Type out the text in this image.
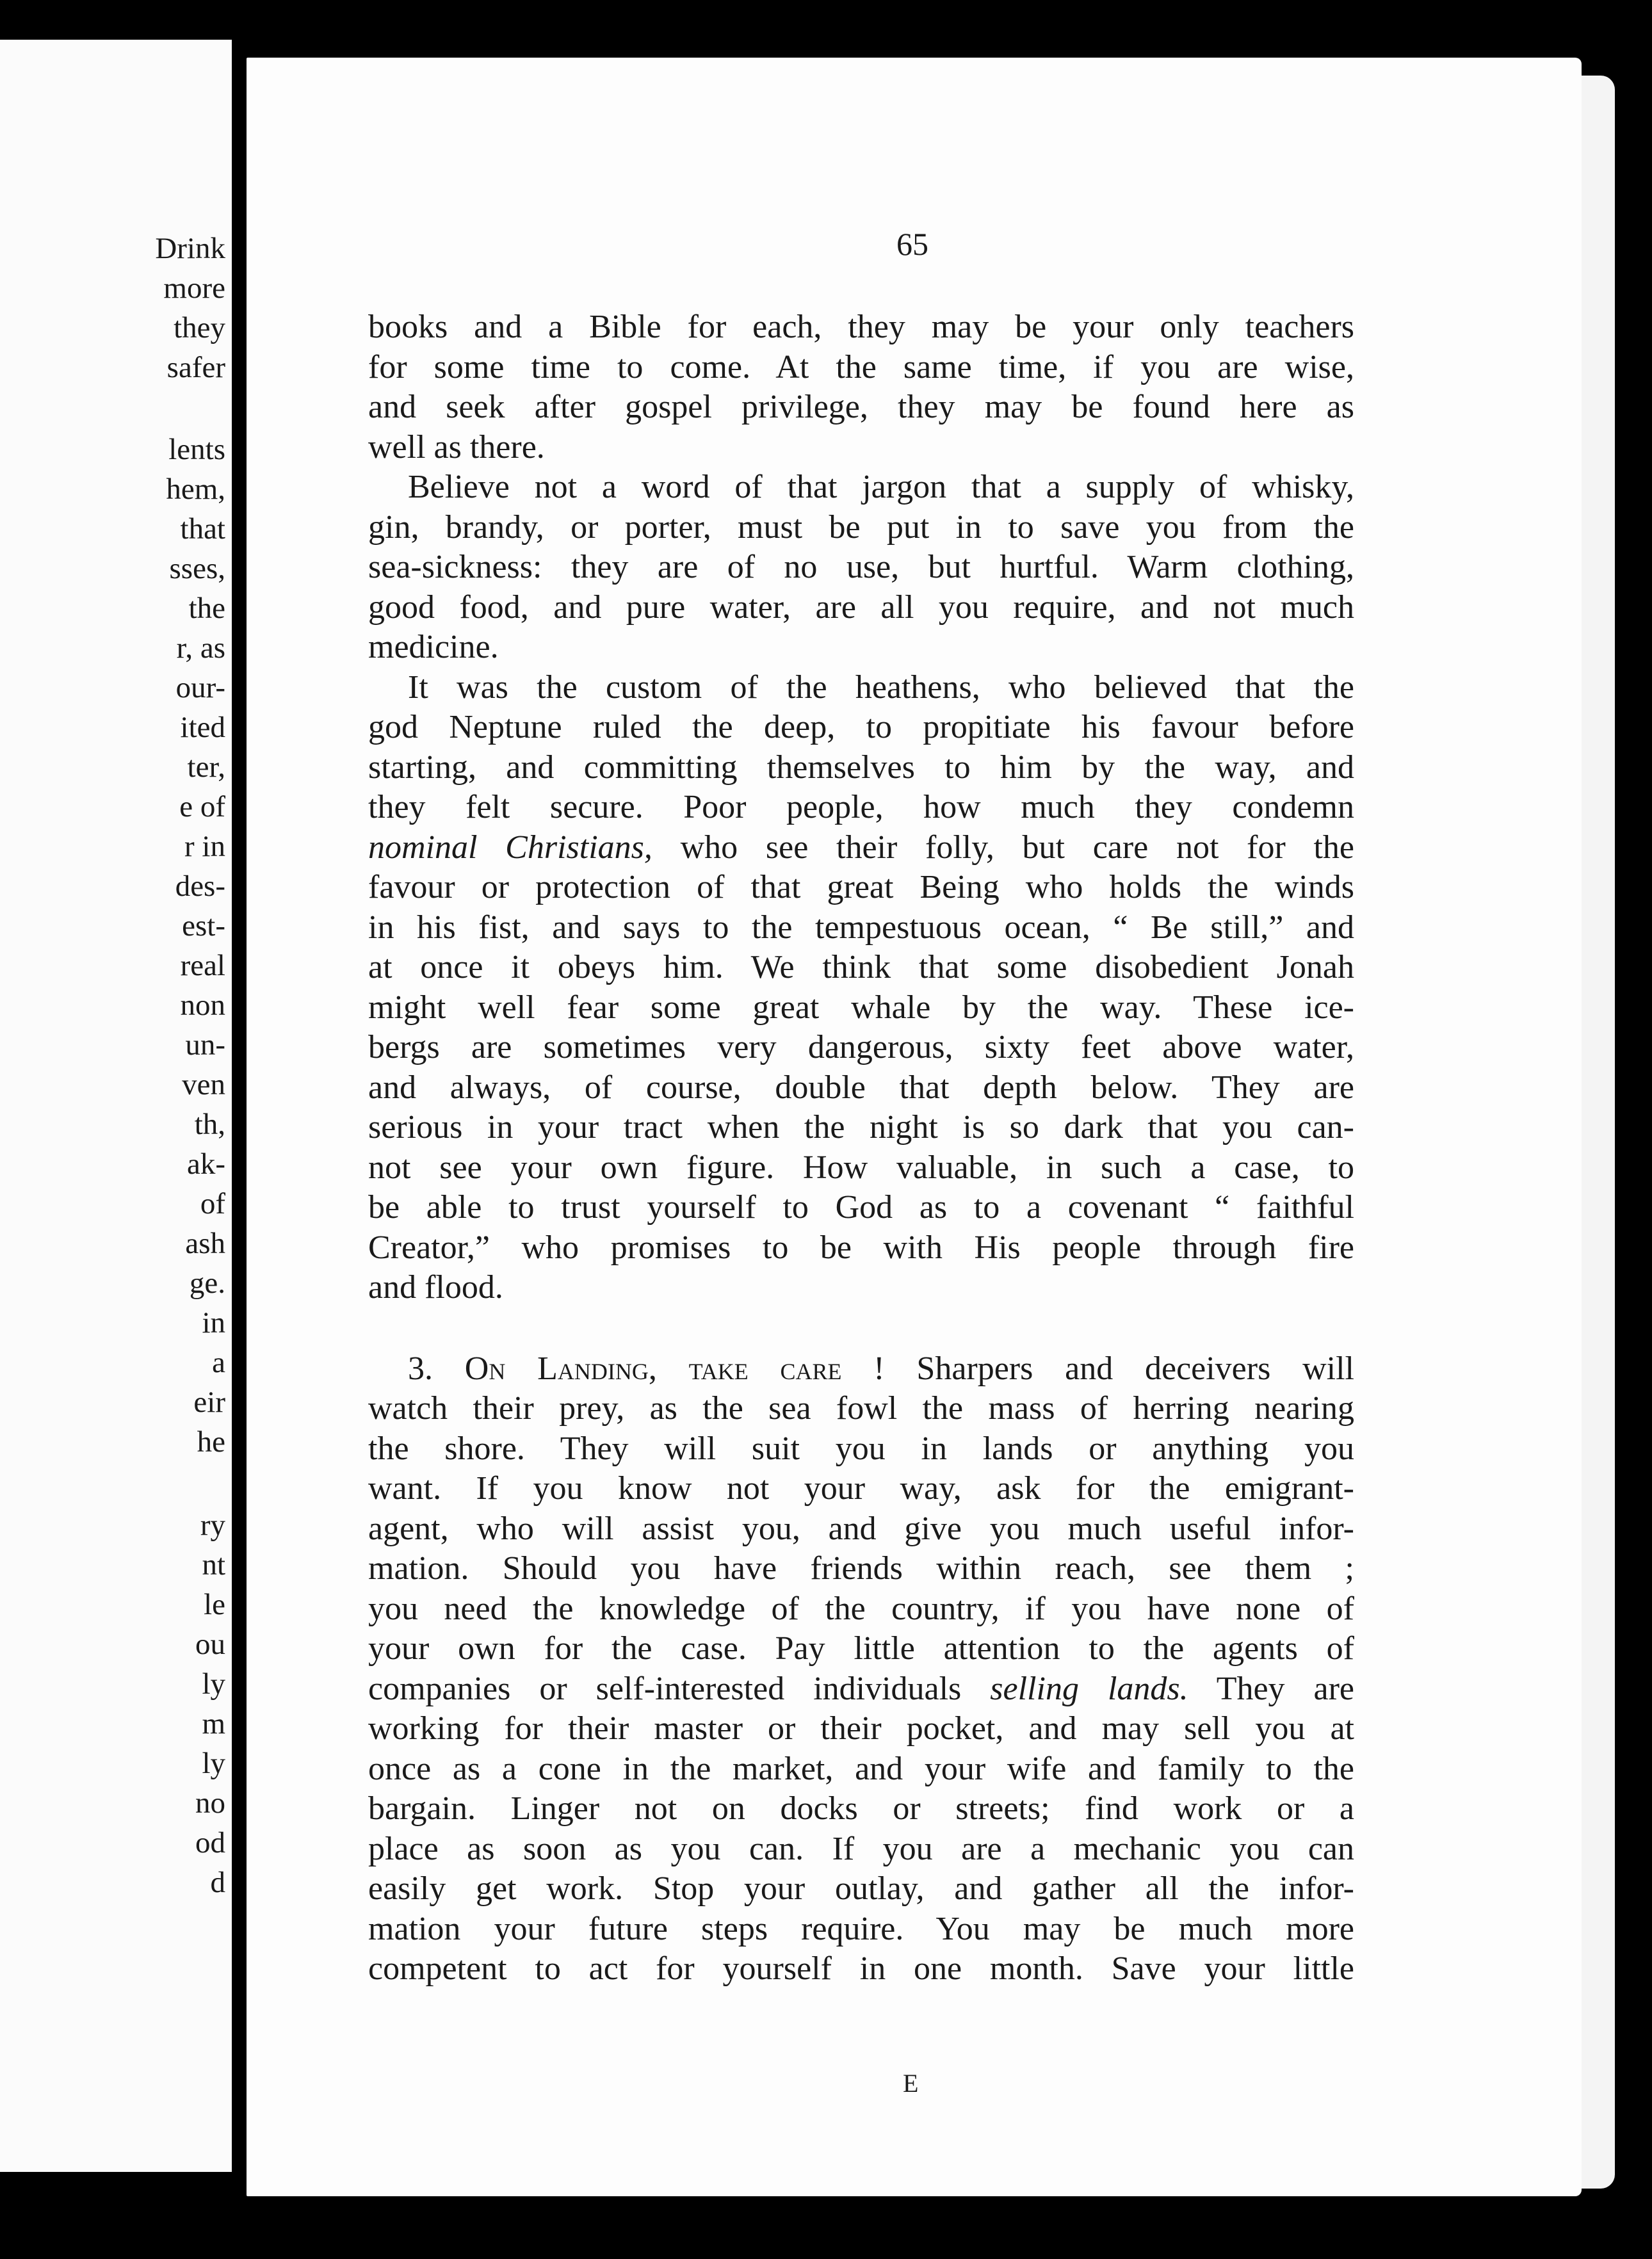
Drink
more
they
safer
lents
hem,
that
sses,
the
r, as
our-
ited
ter,
e of
r in
des-
est-
real
non
un-
ven
th,
ak-
of
ash
ge.
in
a
eir
he
ry
nt
le
ou
ly
m
ly
no
od
d
65
books and a Bible for each, they may be your only teachers
for some time to come. At the same time, if you are wise,
and seek after gospel privilege, they may be found here as
well as there.
Believe not a word of that jargon that a supply of whisky,
gin, brandy, or porter, must be put in to save you from the
sea-sickness: they are of no use, but hurtful. Warm clothing,
good food, and pure water, are all you require, and not much
medicine.
It was the custom of the heathens, who believed that the
god Neptune ruled the deep, to propitiate his favour before
starting, and committing themselves to him by the way, and
they felt secure. Poor people, how much they condemn
nominal Christians, who see their folly, but care not for the
favour or protection of that great Being who holds the winds
in his fist, and says to the tempestuous ocean, “ Be still,” and
at once it obeys him. We think that some disobedient Jonah
might well fear some great whale by the way. These ice-
bergs are sometimes very dangerous, sixty feet above water,
and always, of course, double that depth below. They are
serious in your tract when the night is so dark that you can-
not see your own figure. How valuable, in such a case, to
be able to trust yourself to God as to a covenant “ faithful
Creator,” who promises to be with His people through fire
and flood.
3. On Landing, take care ! Sharpers and deceivers will
watch their prey, as the sea fowl the mass of herring nearing
the shore. They will suit you in lands or anything you
want. If you know not your way, ask for the emigrant-
agent, who will assist you, and give you much useful infor-
mation. Should you have friends within reach, see them ;
you need the knowledge of the country, if you have none of
your own for the case. Pay little attention to the agents of
companies or self-interested individuals selling lands. They are
working for their master or their pocket, and may sell you at
once as a cone in the market, and your wife and family to the
bargain. Linger not on docks or streets; find work or a
place as soon as you can. If you are a mechanic you can
easily get work. Stop your outlay, and gather all the infor-
mation your future steps require. You may be much more
competent to act for yourself in one month. Save your little
E
